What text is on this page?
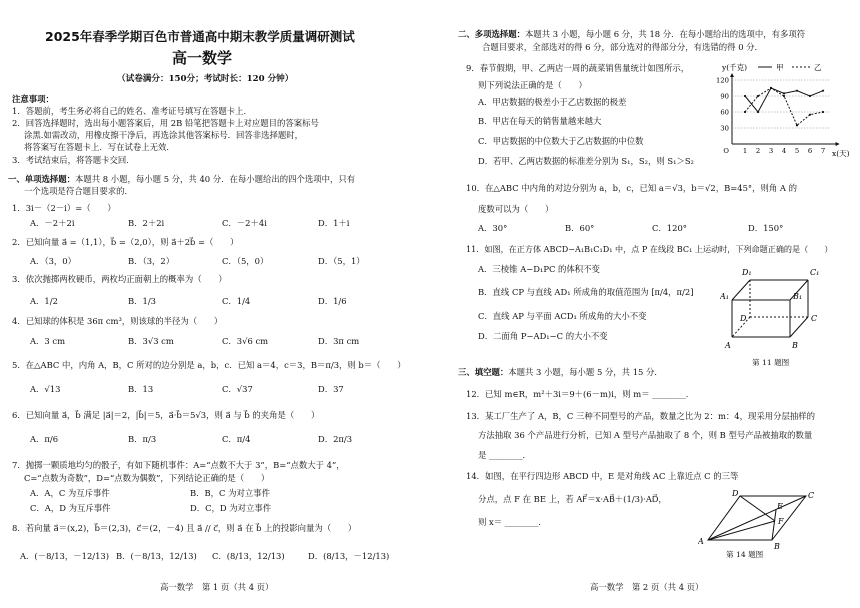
2025年春季学期百色市普通高中期末教学质量调研测试
高一数学
（试卷满分：150分；考试时长：120 分钟）
注意事项：
1．答题前，考生务必将自己的姓名、准考证号填写在答题卡上．
2．回答选择题时，选出每小题答案后，用 2B 铅笔把答题卡上对应题目的答案标号
涂黑.如需改动，用橡皮擦干净后，再选涂其他答案标号．回答非选择题时，
将答案写在答题卡上．写在试卷上无效．
3．考试结束后，将答题卡交回．
一、单项选择题：本题共 8 小题，每小题 5 分，共 40 分．在每小题给出的四个选项中，只有
一个选项是符合题目要求的．
1．3i－（2－i）=（　　）
A．－2＋2i	B．2＋2i	C．－2＋4i	D．1＋i
2．已知向量 a⃗ =（1,1），b⃗ =（2,0），则 a⃗＋2b⃗ =（　　）
A．（3，0）	B．（3，2）	C．（5，0）	D．（5，1）
3．依次抛掷两枚硬币，两枚均正面朝上的概率为（　　）
A．1/2	B．1/3	C．1/4	D．1/6
4．已知球的体积是 36π cm³，则该球的半径为（　　）
A．3 cm	B．3√3 cm	C．3√6 cm	D．3π cm
5．在△ABC 中，内角 A，B，C 所对的边分别是 a，b，c．已知 a＝4，c＝3，B＝π/3，则 b＝（　　）
A．√13	B．13	C．√37	D．37
6．已知向量 a⃗，b⃗ 满足 |a⃗|＝2，|b⃗|＝5，a⃗·b⃗＝5√3，则 a⃗ 与 b⃗ 的夹角是（　　）
A．π/6	B．π/3	C．π/4	D．2π/3
7．抛掷一颗质地均匀的骰子，有如下随机事件：A=“点数不大于 3”，B=“点数大于 4”，
C=“点数为奇数”，D=“点数为偶数”，下列结论正确的是（　　）
A．A，C 为互斥事件	B．B，C 为对立事件
C．A，D 为互斥事件	D．C，D 为对立事件
8．若向量 a⃗＝(x,2)，b⃗＝(2,3)，c⃗＝(2，－4) 且 a⃗ // c⃗，则 a⃗ 在 b⃗ 上的投影向量为（　　）
A．(－8/13，－12/13) B．(－8/13，12/13) C．(8/13，12/13)	D．(8/13，－12/13)
高一数学　第 1 页（共 4 页）
二、多项选择题：本题共 3 小题，每小题 6 分，共 18 分．在每小题给出的选项中，有多项符
合题目要求，全部选对的得 6 分，部分选对的得部分分，有选错的得 0 分．
9．春节假期，甲、乙两店一周的蔬菜销售量统计如图所示，
则下列说法正确的是（　　）
A．甲店数据的极差小于乙店数据的极差
B．甲店在每天的销售量越来越大
C．甲店数据的中位数大于乙店数据的中位数
D．若甲、乙两店数据的标准差分别为 S₁，S₂，则 S₁＞S₂
y(千克)	甲	乙
30
60
90
120
1 2 3 4 5 6 7
O	x(天)
10．在△ABC 中内角的对边分别为 a，b，c，已知 a＝√3，b＝√2，B=45°，则角 A 的
度数可以为（　　）
A．30°	B．60°	C．120°	D．150°
11．如图，在正方体 ABCD−A₁B₁C₁D₁ 中，点 P 在线段 BC₁ 上运动时，下列命题正确的是（　　）
A．三棱锥 A−D₁PC 的体积不变
B．直线 CP 与直线 AD₁ 所成角的取值范围为 [π/4，π/2]
C．直线 AP 与平面 ACD₁ 所成角的大小不变
D．二面角 P−AD₁−C 的大小不变
D₁	C₁
A₁	B₁
D	C
A	B
第 11 题图
三、填空题：本题共 3 小题，每小题 5 分，共 15 分．
12．已知 m∈R，m²＋3i＝9＋(6－m)i，则 m＝ ________．
13．某工厂生产了 A，B，C 三种不同型号的产品，数量之比为 2：m：4，现采用分层抽样的
方法抽取 36 个产品进行分析，已知 A 型号产品抽取了 8 个，则 B 型号产品被抽取的数量
是 ________．
14．如图，在平行四边形 ABCD 中，E 是对角线 AC 上靠近点 C 的三等
分点，点 F 在 BE 上，若 AF⃗＝x·AB⃗＋(1/3)·AD⃗，
则 x＝ ________．
D	C
E
F
A
B
第 14 题图
高一数学　第 2 页（共 4 页）
